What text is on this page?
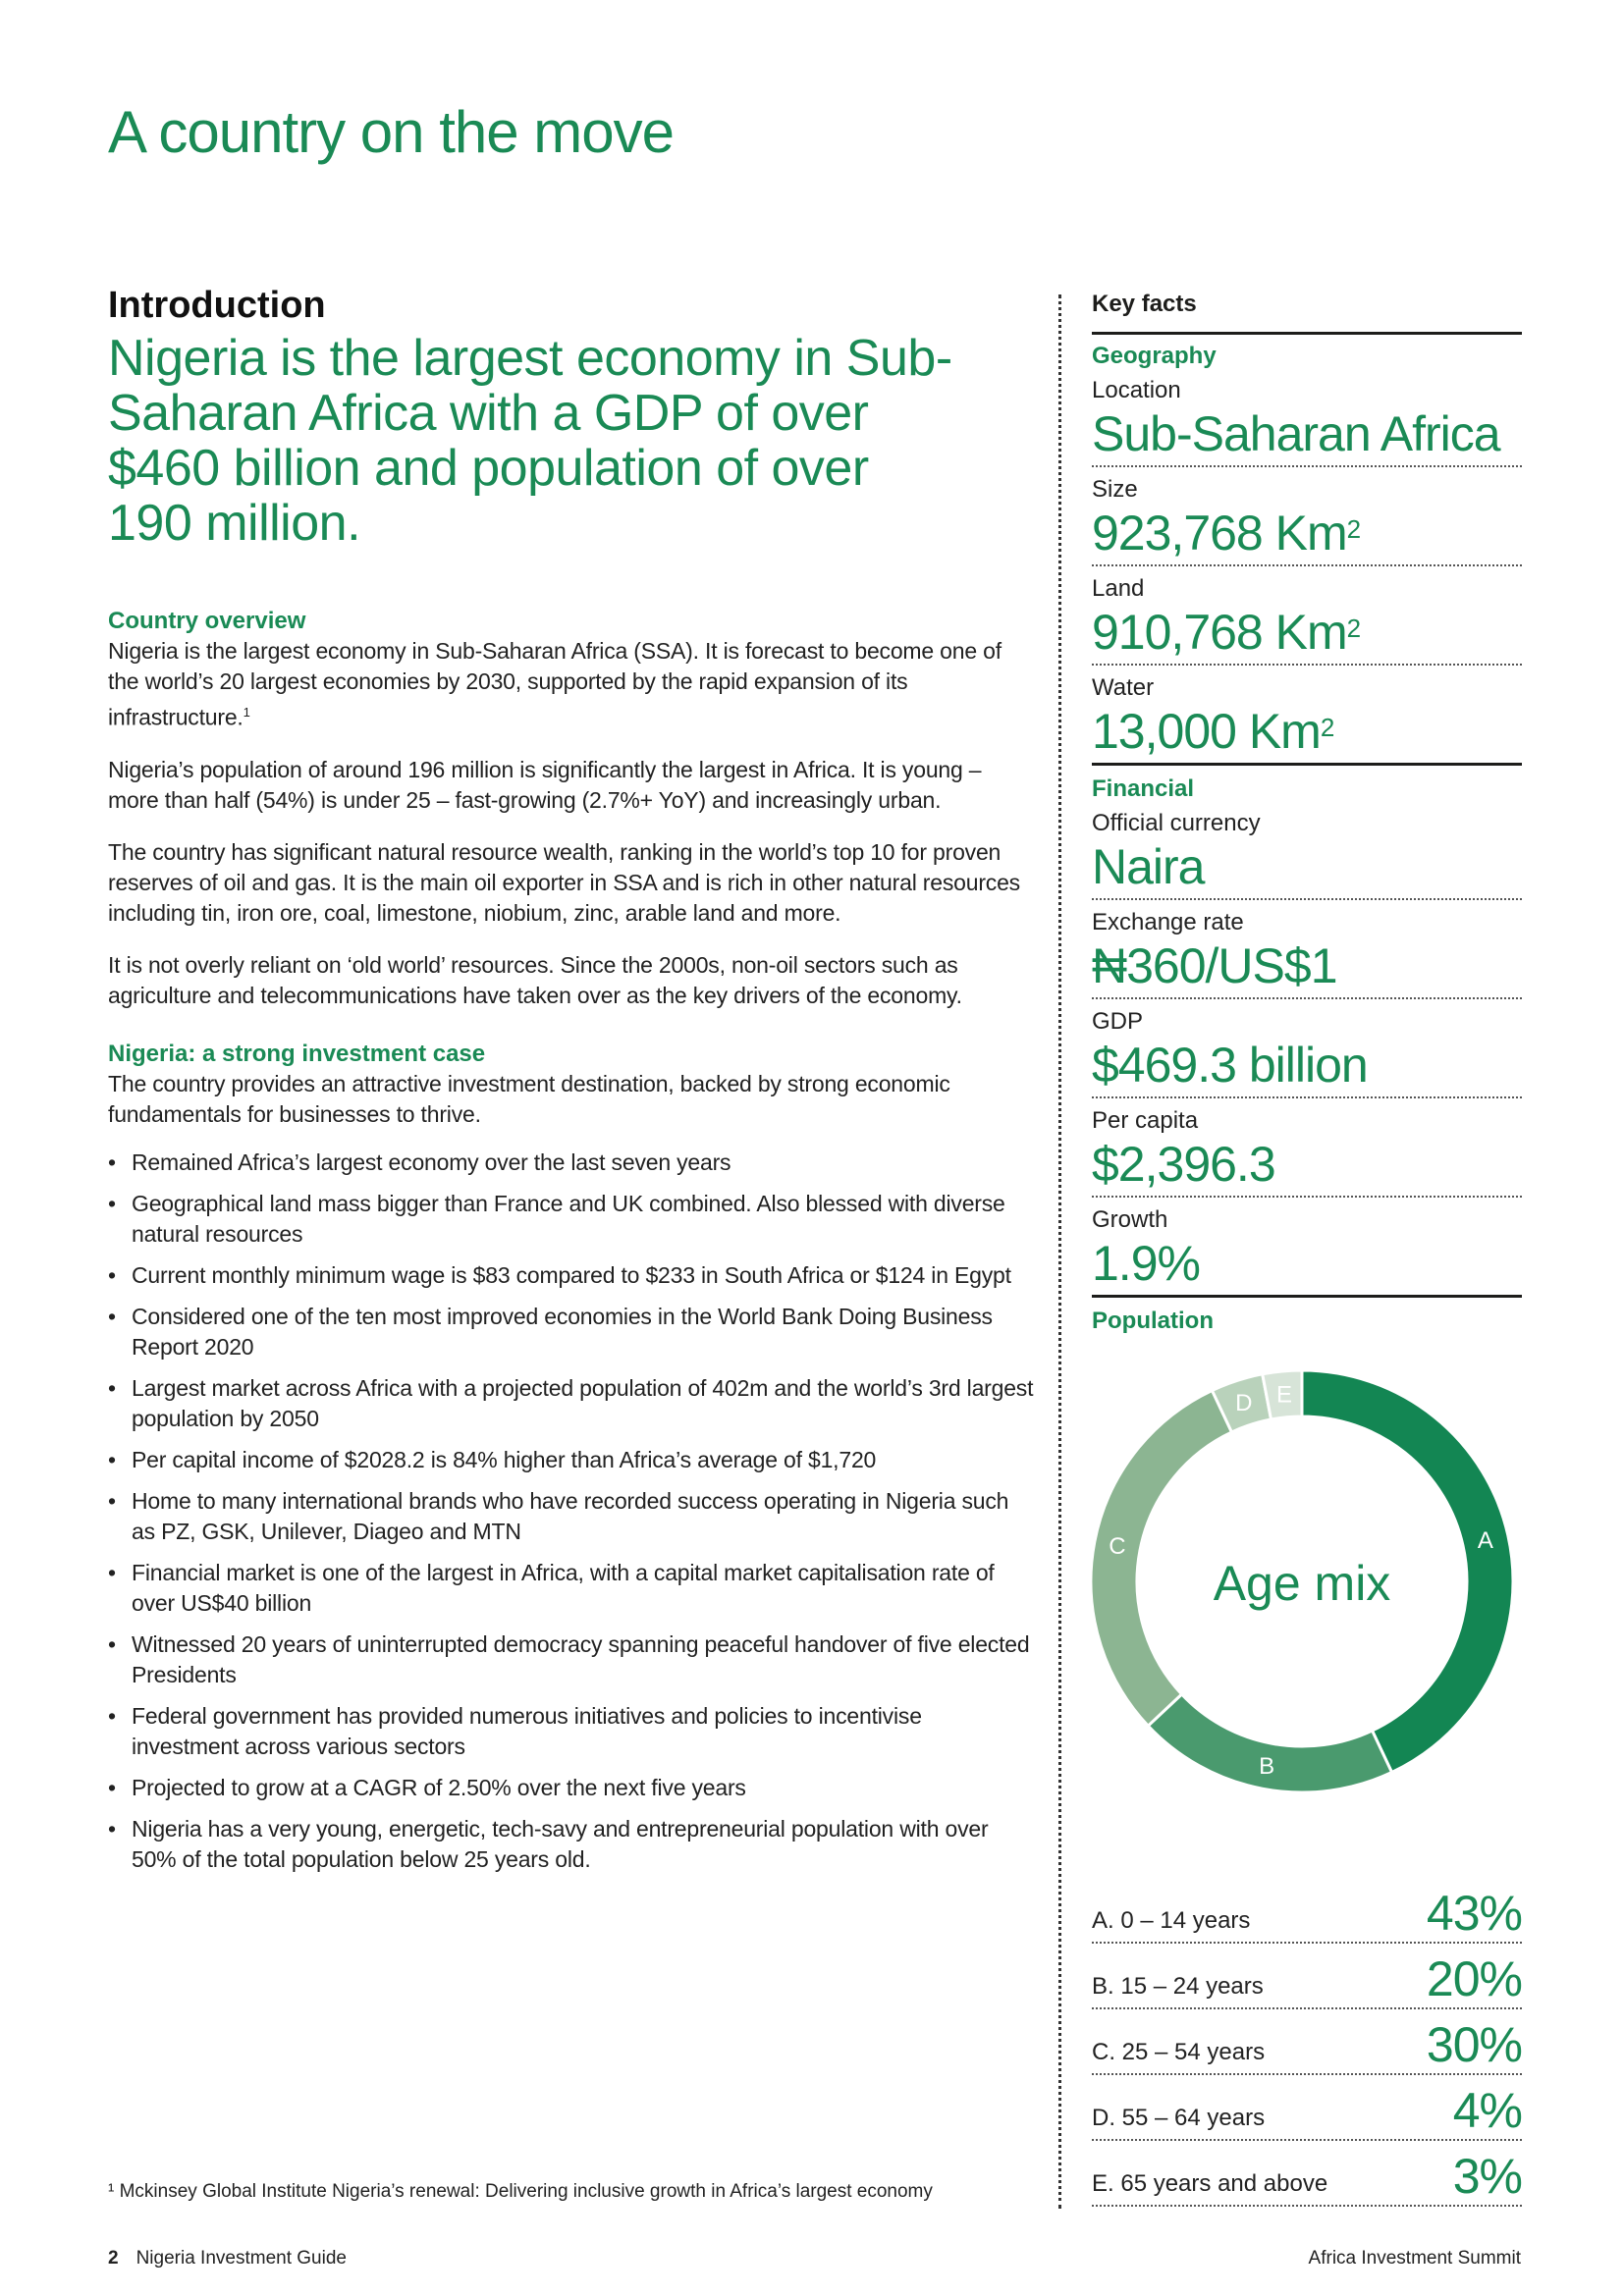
A country on the move
Introduction

Nigeria is the largest economy in Sub-Saharan Africa with a GDP of over $460 billion and population of over 190 million.

Country overview

Nigeria is the largest economy in Sub-Saharan Africa (SSA). It is forecast to become one of the world’s 20 largest economies by 2030, supported by the rapid expansion of its infrastructure.$^1$

Nigeria’s population of around 196 million is significantly the largest in Africa. It is young – more than half (54%) is under 25 – fast-growing (2.7%+ YoY) and increasingly urban.

The country has significant natural resource wealth, ranking in the world’s top 10 for proven reserves of oil and gas. It is the main oil exporter in SSA and is rich in other natural resources including tin, iron ore, coal, limestone, niobium, zinc, arable land and more.

It is not overly reliant on ‘old world’ resources. Since the 2000s, non-oil sectors such as agriculture and telecommunications have taken over as the key drivers of the economy.

Nigeria: a strong investment case

The country provides an attractive investment destination, backed by strong economic fundamentals for businesses to thrive.

• Remained Africa’s largest economy over the last seven years
• Geographical land mass bigger than France and UK combined. Also blessed with diverse natural resources
• Current monthly minimum wage is $83 compared to $233 in South Africa or $124 in Egypt
• Considered one of the ten most improved economies in the World Bank Doing Business Report 2020
• Largest market across Africa with a projected population of 402m and the world’s 3rd largest population by 2050
• Per capital income of $2028.2 is 84% higher than Africa’s average of $1,720
• Home to many international brands who have recorded success operating in Nigeria such as PZ, GSK, Unilever, Diageo and MTN
• Financial market is one of the largest in Africa, with a capital market capitalisation rate of over US$40 billion
• Witnessed 20 years of uninterrupted democracy spanning peaceful handover of five elected Presidents
• Federal government has provided numerous initiatives and policies to incentivise investment across various sectors
• Projected to grow at a CAGR of 2.50% over the next five years
• Nigeria has a very young, energetic, tech-savy and entrepreneurial population with over 50% of the total population below 25 years old.
¹ Mckinsey Global Institute Nigeria’s renewal: Delivering inclusive growth in Africa’s largest economy
2 Nigeria Investment Guide	Africa Investment Summit
Key facts
Geography
Location
Sub-Saharan Africa
Size
923,768 Km$^2$
Land
910,768 Km$^2$
Water
13,000 Km$^2$
Financial
Official currency
Naira
Exchange rate
₦360/US$1
GDP
$469.3 billion
Per capita
$2,396.3
Growth
1.9%
Population
A
B
C
D E
Age mix
A. 0 – 14 years	43%
B. 15 – 24 years	20%
C. 25 – 54 years	30%
D. 55 – 64 years	4%
E. 65 years and above	3%
